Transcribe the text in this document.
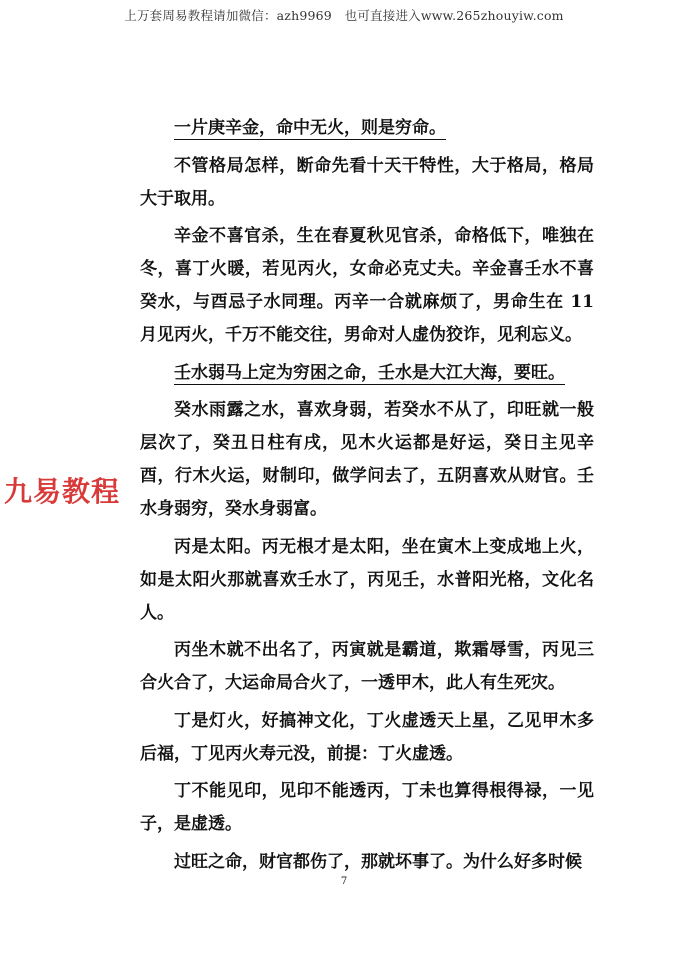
上万套周易教程请加微信：azh9969　也可直接进入www.265zhouyiw.com
九易教程

一片庚辛金，命中无火，则是穷命。

不管格局怎样，断命先看十天干特性，大于格局，格局大于取用。

辛金不喜官杀，生在春夏秋见官杀，命格低下，唯独在冬，喜丁火暖，若见丙火，女命必克丈夫。辛金喜壬水不喜癸水，与酉忌子水同理。丙辛一合就麻烦了，男命生在 11 月见丙火，千万不能交往，男命对人虚伪狡诈，见利忘义。

壬水弱马上定为穷困之命，壬水是大江大海，要旺。

癸水雨露之水，喜欢身弱，若癸水不从了，印旺就一般层次了，癸丑日柱有戌，见木火运都是好运，癸日主见辛酉，行木火运，财制印，做学问去了，五阴喜欢从财官。壬水身弱穷，癸水身弱富。

丙是太阳。丙无根才是太阳，坐在寅木上变成地上火，如是太阳火那就喜欢壬水了，丙见壬，水普阳光格，文化名人。

丙坐木就不出名了，丙寅就是霸道，欺霜辱雪，丙见三合火合了，大运命局合火了，一透甲木，此人有生死灾。

丁是灯火，好搞神文化，丁火虚透天上星，乙见甲木多后福，丁见丙火寿元没，前提：丁火虚透。

丁不能见印，见印不能透丙，丁未也算得根得禄，一见子，是虚透。

过旺之命，财官都伤了，那就坏事了。为什么好多时候

7
